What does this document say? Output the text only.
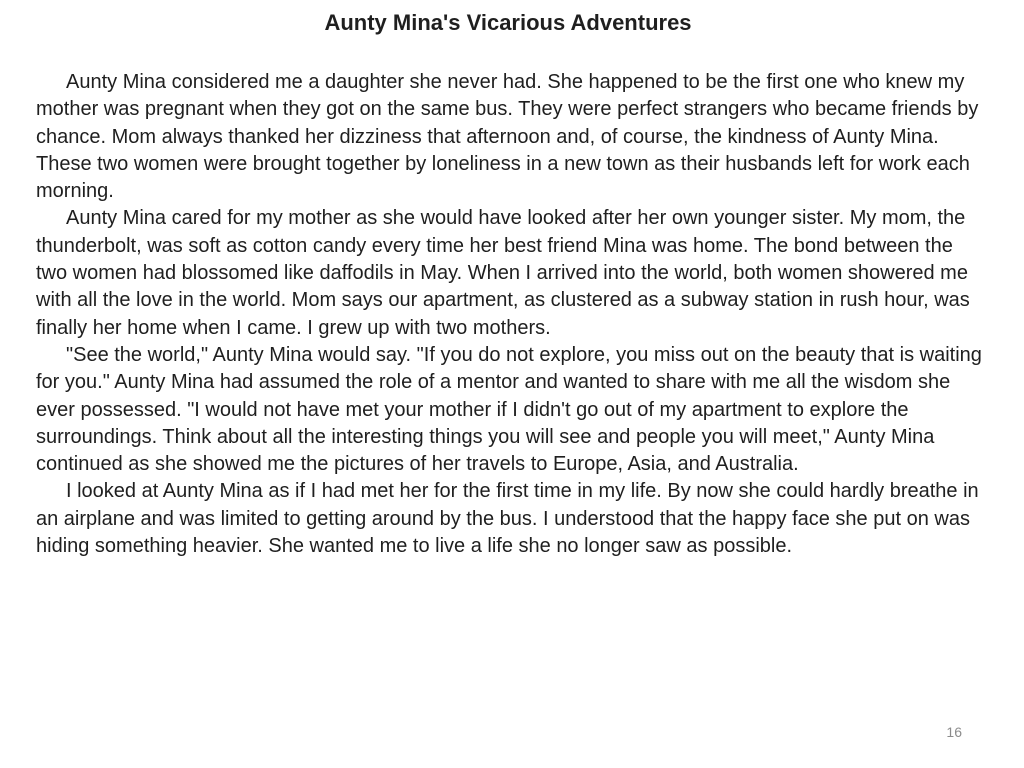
Aunty Mina's Vicarious Adventures

Aunty Mina considered me a daughter she never had. She happened to be the first one who knew my mother was pregnant when they got on the same bus. They were perfect strangers who became friends by chance. Mom always thanked her dizziness that afternoon and, of course, the kindness of Aunty Mina. These two women were brought together by loneliness in a new town as their husbands left for work each morning.

Aunty Mina cared for my mother as she would have looked after her own younger sister. My mom, the thunderbolt, was soft as cotton candy every time her best friend Mina was home. The bond between the two women had blossomed like daffodils in May. When I arrived into the world, both women showered me with all the love in the world. Mom says our apartment, as clustered as a subway station in rush hour, was finally her home when I came. I grew up with two mothers.

"See the world," Aunty Mina would say. "If you do not explore, you miss out on the beauty that is waiting for you." Aunty Mina had assumed the role of a mentor and wanted to share with me all the wisdom she ever possessed. "I would not have met your mother if I didn't go out of my apartment to explore the surroundings. Think about all the interesting things you will see and people you will meet," Aunty Mina continued as she showed me the pictures of her travels to Europe, Asia, and Australia.

I looked at Aunty Mina as if I had met her for the first time in my life. By now she could hardly breathe in an airplane and was limited to getting around by the bus. I understood that the happy face she put on was hiding something heavier. She wanted me to live a life she no longer saw as possible.

16
